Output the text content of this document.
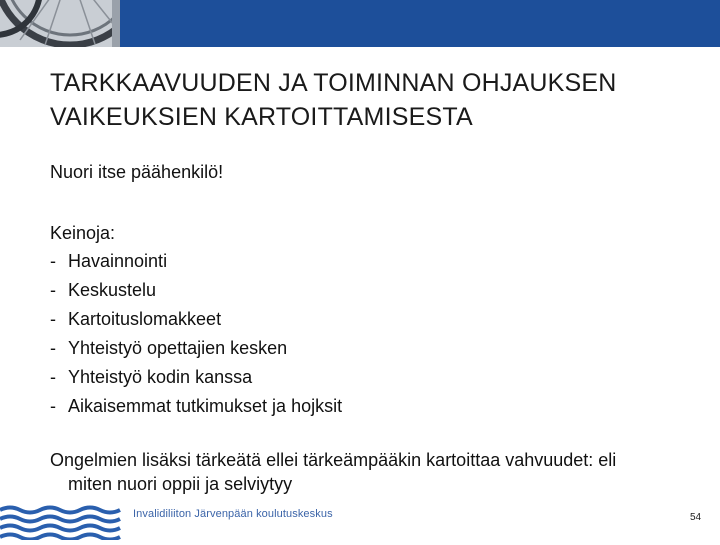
TARKKAAVUUDEN JA TOIMINNAN OHJAUKSEN
VAIKEUKSIEN KARTOITTAMISESTA
Nuori itse päähenkilö!
Keinoja:
- Havainnointi
- Keskustelu
- Kartoituslomakkeet
- Yhteistyö opettajien kesken
- Yhteistyö kodin kanssa
- Aikaisemmat tutkimukset ja hojksit
Ongelmien lisäksi tärkeätä ellei tärkeämpääkin kartoittaa vahvuudet: eli
miten nuori oppii ja selviytyy
Invalidiliiton Järvenpään koulutuskeskus	54
